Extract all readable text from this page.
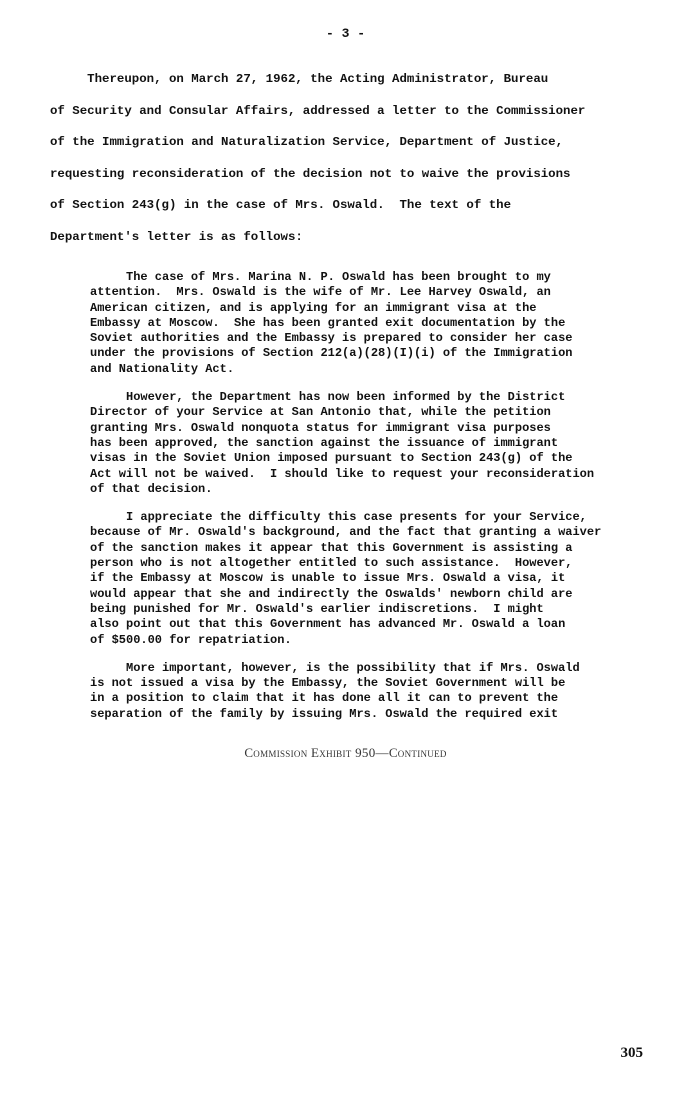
- 3 -
Thereupon, on March 27, 1962, the Acting Administrator, Bureau
of Security and Consular Affairs, addressed a letter to the Commissioner
of the Immigration and Naturalization Service, Department of Justice,
requesting reconsideration of the decision not to waive the provisions
of Section 243(g) in the case of Mrs. Oswald.  The text of the
Department's letter is as follows:
The case of Mrs. Marina N. P. Oswald has been brought to my
attention.  Mrs. Oswald is the wife of Mr. Lee Harvey Oswald, an
American citizen, and is applying for an immigrant visa at the
Embassy at Moscow.  She has been granted exit documentation by the
Soviet authorities and the Embassy is prepared to consider her case
under the provisions of Section 212(a)(28)(I)(i) of the Immigration
and Nationality Act.
However, the Department has now been informed by the District
Director of your Service at San Antonio that, while the petition
granting Mrs. Oswald nonquota status for immigrant visa purposes
has been approved, the sanction against the issuance of immigrant
visas in the Soviet Union imposed pursuant to Section 243(g) of the
Act will not be waived.  I should like to request your reconsideration
of that decision.
I appreciate the difficulty this case presents for your Service,
because of Mr. Oswald's background, and the fact that granting a waiver
of the sanction makes it appear that this Government is assisting a
person who is not altogether entitled to such assistance.  However,
if the Embassy at Moscow is unable to issue Mrs. Oswald a visa, it
would appear that she and indirectly the Oswalds' newborn child are
being punished for Mr. Oswald's earlier indiscretions.  I might
also point out that this Government has advanced Mr. Oswald a loan
of $500.00 for repatriation.
More important, however, is the possibility that if Mrs. Oswald
is not issued a visa by the Embassy, the Soviet Government will be
in a position to claim that it has done all it can to prevent the
separation of the family by issuing Mrs. Oswald the required exit
Commission Exhibit 950—Continued
305
